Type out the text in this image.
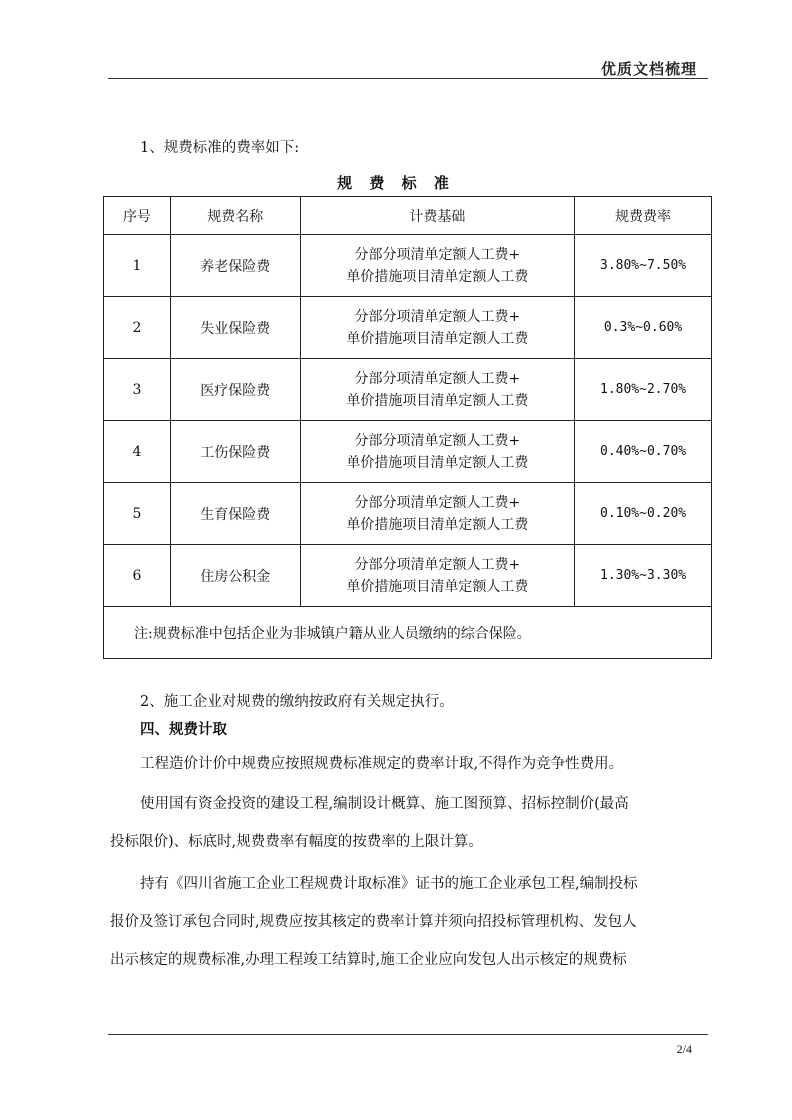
优质文档梳理
1、规费标准的费率如下:
规 费 标 准
序号	规费名称	计费基础	规费费率
1	养老保险费	分部分项清单定额人工费+
单价措施项目清单定额人工费	3.80%~7.50%
2	失业保险费	分部分项清单定额人工费+
单价措施项目清单定额人工费	0.3%~0.60%
3	医疗保险费	分部分项清单定额人工费+
单价措施项目清单定额人工费	1.80%~2.70%
4	工伤保险费	分部分项清单定额人工费+
单价措施项目清单定额人工费	0.40%~0.70%
5	生育保险费	分部分项清单定额人工费+
单价措施项目清单定额人工费	0.10%~0.20%
6	住房公积金	分部分项清单定额人工费+
单价措施项目清单定额人工费	1.30%~3.30%
注:规费标准中包括企业为非城镇户籍从业人员缴纳的综合保险。			
2、施工企业对规费的缴纳按政府有关规定执行。
四、规费计取
工程造价计价中规费应按照规费标准规定的费率计取,不得作为竞争性费用。
使用国有资金投资的建设工程,编制设计概算、施工图预算、招标控制价(最高
投标限价)、标底时,规费费率有幅度的按费率的上限计算。
持有《四川省施工企业工程规费计取标准》证书的施工企业承包工程,编制投标
报价及签订承包合同时,规费应按其核定的费率计算并须向招投标管理机构、发包人
出示核定的规费标准,办理工程竣工结算时,施工企业应向发包人出示核定的规费标
2/4
